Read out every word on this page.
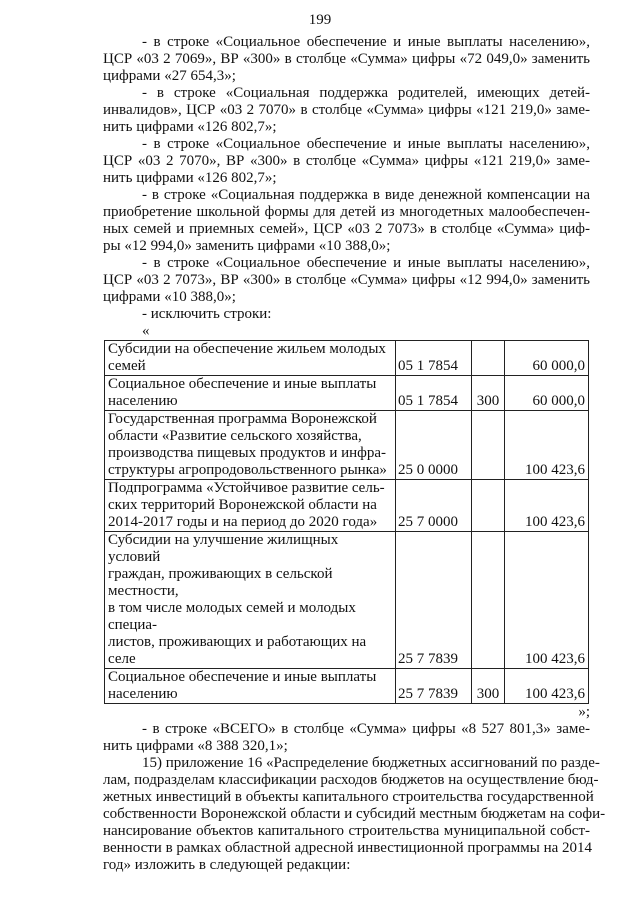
199
- в строке «Социальное обеспечение и иные выплаты населению»,
ЦСР «03 2 7069», ВР «300» в столбце «Сумма» цифры «72 049,0» заменить
цифрами «27 654,3»;
- в строке «Социальная поддержка родителей, имеющих детей-
инвалидов», ЦСР «03 2 7070» в столбце «Сумма» цифры «121 219,0» заме-
нить цифрами «126 802,7»;
- в строке «Социальное обеспечение и иные выплаты населению»,
ЦСР «03 2 7070», ВР «300» в столбце «Сумма» цифры «121 219,0» заме-
нить цифрами «126 802,7»;
- в строке «Социальная поддержка в виде денежной компенсации на
приобретение школьной формы для детей из многодетных малообеспечен-
ных семей и приемных семей», ЦСР «03 2 7073» в столбце «Сумма» циф-
ры «12 994,0» заменить цифрами «10 388,0»;
- в строке «Социальное обеспечение и иные выплаты населению»,
ЦСР «03 2 7073», ВР «300» в столбце «Сумма» цифры «12 994,0» заменить
цифрами «10 388,0»;
- исключить строки:
«
Субсидии на обеспечение жильем молодых
семей	05 1 7854		60 000,0

Социальное обеспечение и иные выплаты
населению	05 1 7854	300	60 000,0

Государственная программа Воронежской
области «Развитие сельского хозяйства,
производства пищевых продуктов и инфра-
структуры агропродовольственного рынка»	25 0 0000		100 423,6

Подпрограмма «Устойчивое развитие сель-
ских территорий Воронежской области на
2014-2017 годы и на период до 2020 года»	25 7 0000		100 423,6

Субсидии на улучшение жилищных условий
граждан, проживающих в сельской местности,
в том числе молодых семей и молодых специа-
листов, проживающих и работающих на селе	25 7 7839		100 423,6

Социальное обеспечение и иные выплаты
населению	25 7 7839	300	100 423,6
»;
- в строке «ВСЕГО» в столбце «Сумма» цифры «8 527 801,3» заме-
нить цифрами «8 388 320,1»;
15) приложение 16 «Распределение бюджетных ассигнований по разде-
лам, подразделам классификации расходов бюджетов на осуществление бюд-
жетных инвестиций в объекты капитального строительства государственной
собственности Воронежской области и субсидий местным бюджетам на софи-
нансирование объектов капитального строительства муниципальной собст-
венности в рамках областной адресной инвестиционной программы на 2014
год» изложить в следующей редакции:
